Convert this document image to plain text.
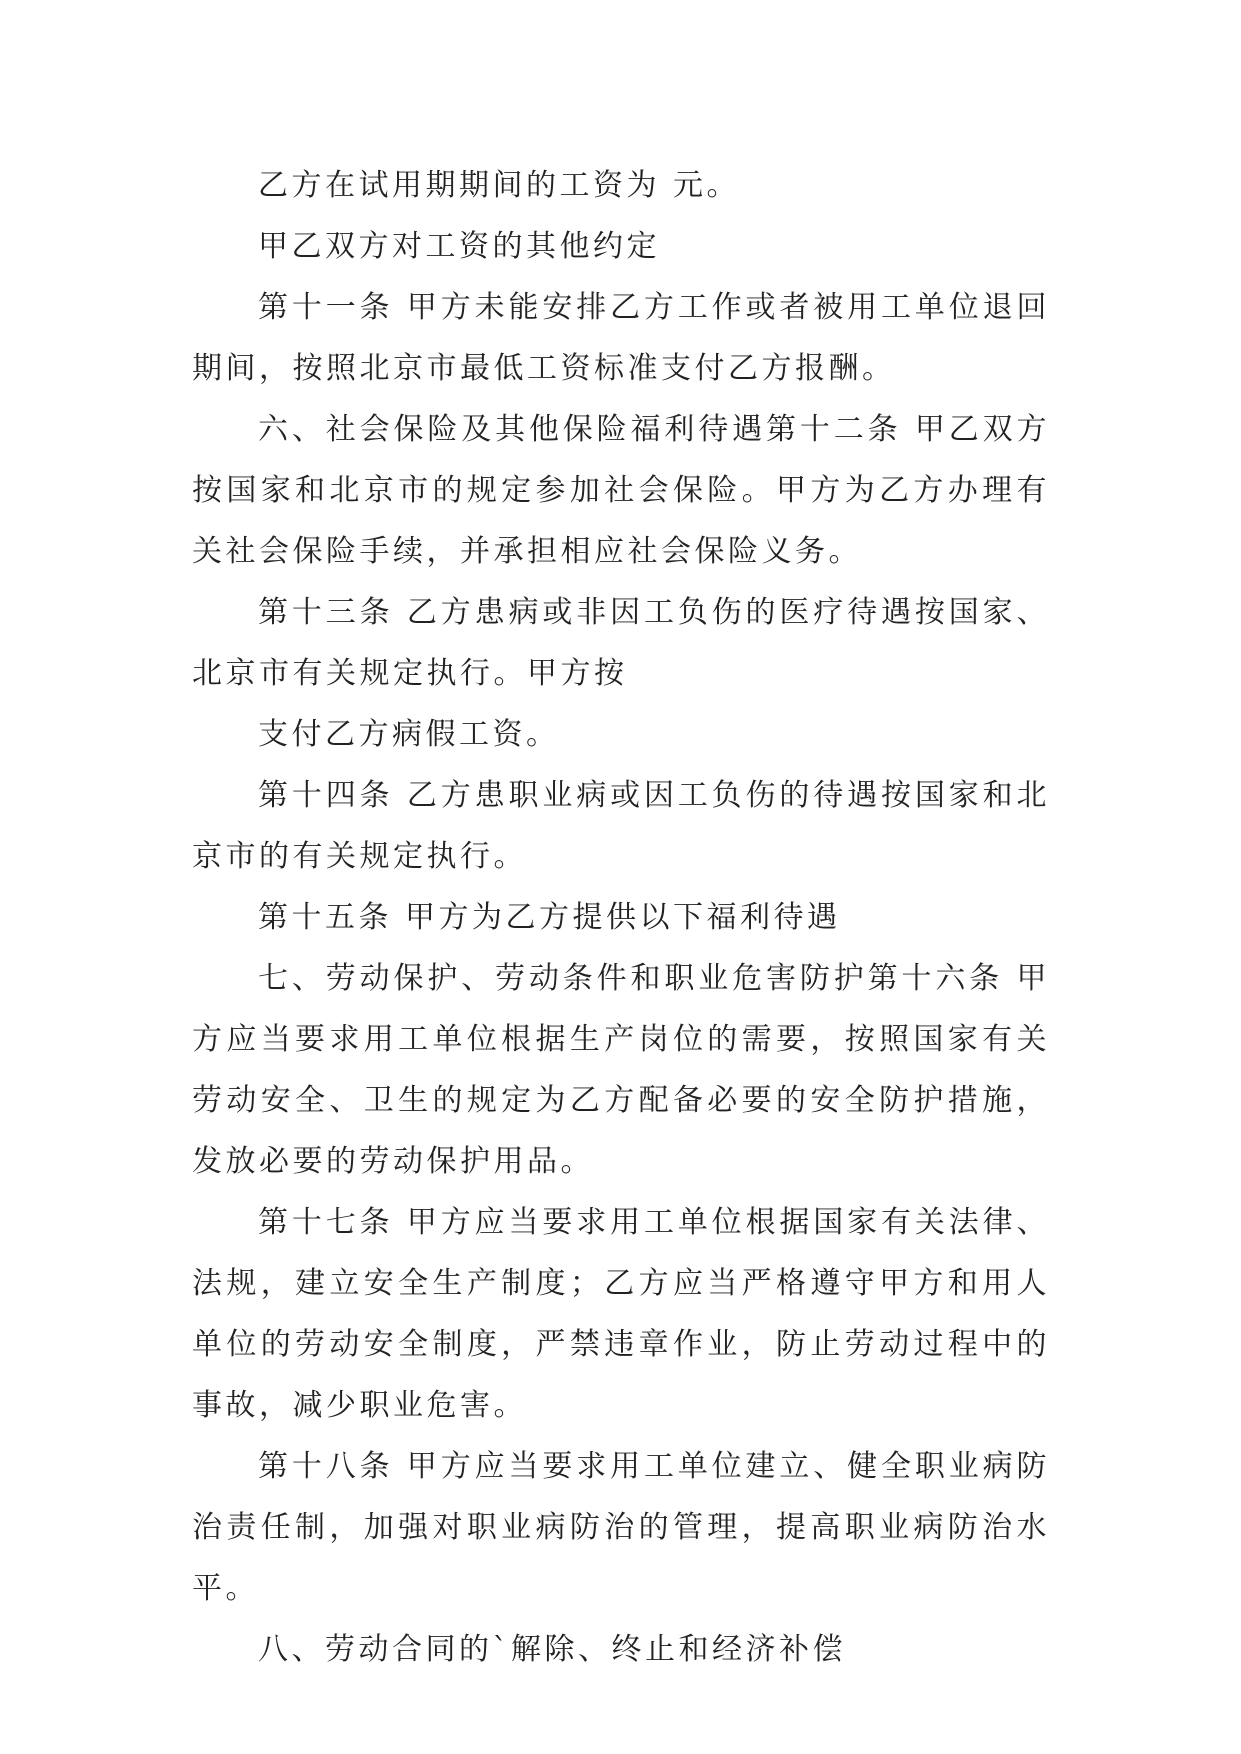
乙方在试用期期间的工资为 元。

甲乙双方对工资的其他约定

第十一条 甲方未能安排乙方工作或者被用工单位退回期间，按照北京市最低工资标准支付乙方报酬。

六、社会保险及其他保险福利待遇第十二条 甲乙双方按国家和北京市的规定参加社会保险。甲方为乙方办理有关社会保险手续，并承担相应社会保险义务。

第十三条 乙方患病或非因工负伤的医疗待遇按国家、北京市有关规定执行。甲方按

支付乙方病假工资。

第十四条 乙方患职业病或因工负伤的待遇按国家和北京市的有关规定执行。

第十五条 甲方为乙方提供以下福利待遇

七、劳动保护、劳动条件和职业危害防护第十六条 甲方应当要求用工单位根据生产岗位的需要，按照国家有关劳动安全、卫生的规定为乙方配备必要的安全防护措施，发放必要的劳动保护用品。

第十七条 甲方应当要求用工单位根据国家有关法律、法规，建立安全生产制度；乙方应当严格遵守甲方和用人单位的劳动安全制度，严禁违章作业，防止劳动过程中的事故，减少职业危害。

第十八条 甲方应当要求用工单位建立、健全职业病防治责任制，加强对职业病防治的管理，提高职业病防治水平。

八、劳动合同的`解除、终止和经济补偿
